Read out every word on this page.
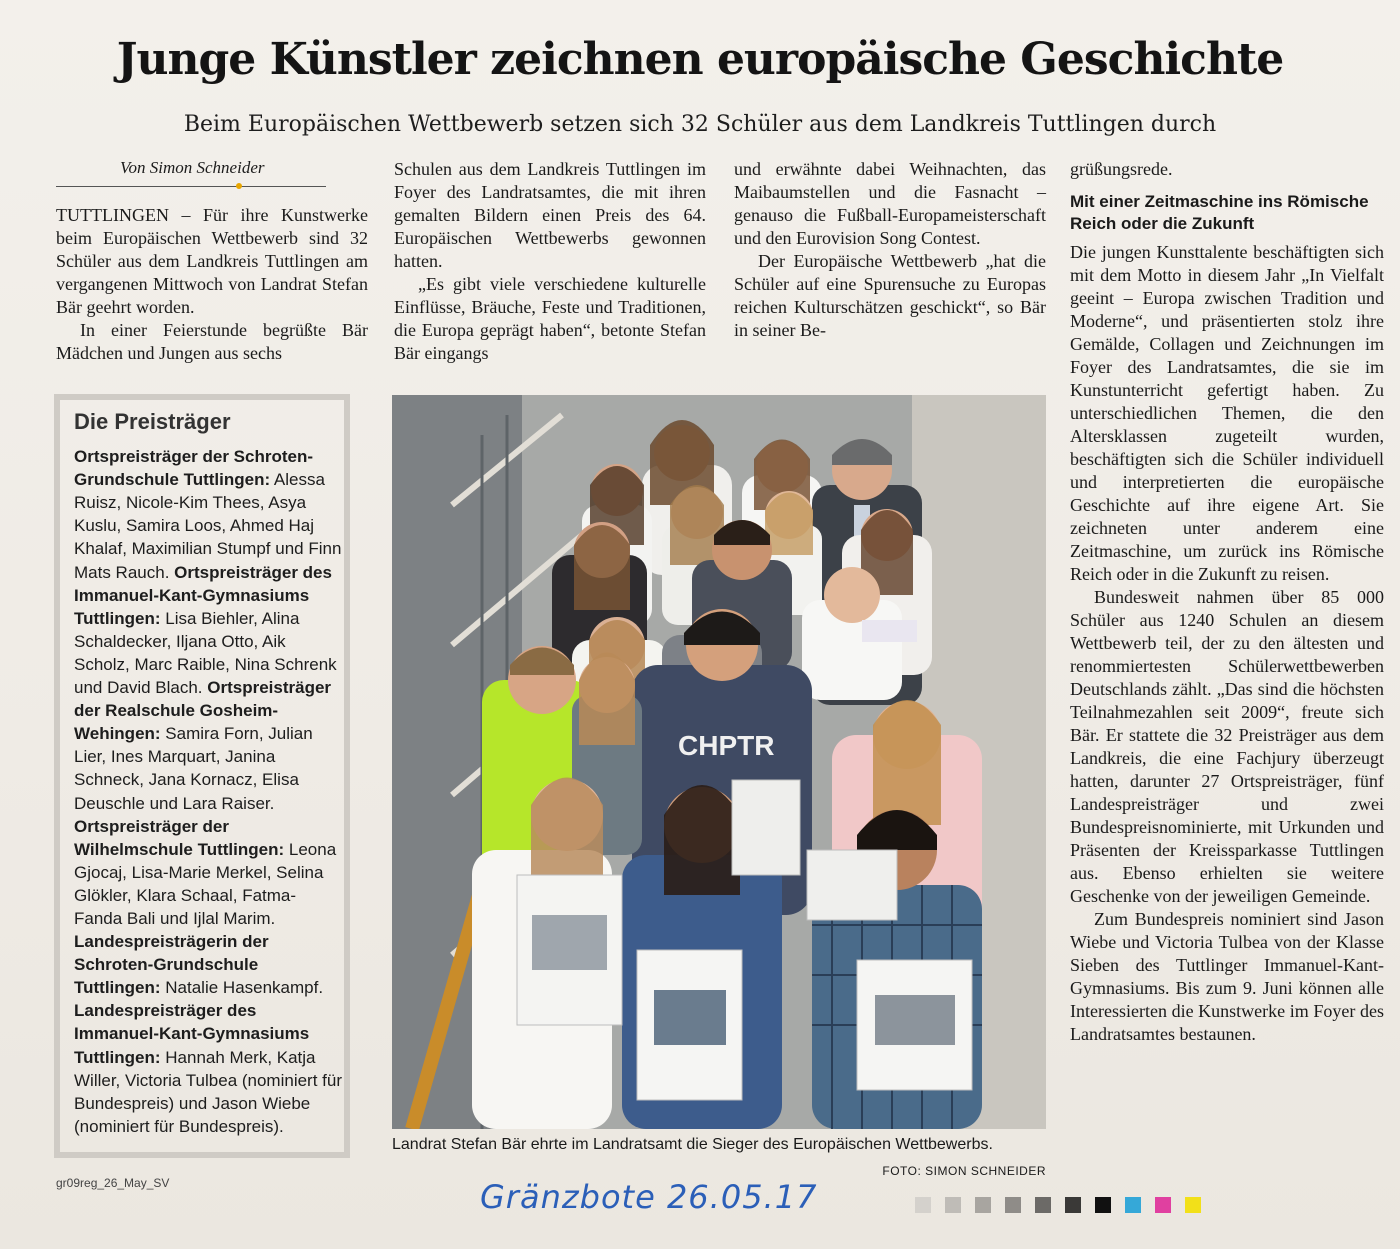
Junge Künstler zeichnen europäische Geschichte
Beim Europäischen Wettbewerb setzen sich 32 Schüler aus dem Landkreis Tuttlingen durch
Von Simon Schneider

TUTTLINGEN – Für ihre Kunstwerke beim Europäischen Wettbewerb sind 32 Schüler aus dem Landkreis Tuttlingen am vergangenen Mittwoch von Landrat Stefan Bär geehrt worden.

In einer Feierstunde begrüßte Bär Mädchen und Jungen aus sechs

Schulen aus dem Landkreis Tuttlingen im Foyer des Landratsamtes, die mit ihren gemalten Bildern einen Preis des 64. Europäischen Wettbewerbs gewonnen hatten.

„Es gibt viele verschiedene kulturelle Einflüsse, Bräuche, Feste und Traditionen, die Europa geprägt haben“, betonte Stefan Bär eingangs

und erwähnte dabei Weihnachten, das Maibaumstellen und die Fasnacht – genauso die Fußball-Europameisterschaft und den Eurovision Song Contest.

Der Europäische Wettbewerb „hat die Schüler auf eine Spurensuche zu Europas reichen Kulturschätzen geschickt“, so Bär in seiner Be-

grüßungsrede.

Mit einer Zeitmaschine ins Römische Reich oder die Zukunft

Die jungen Kunsttalente beschäftigten sich mit dem Motto in diesem Jahr „In Vielfalt geeint – Europa zwischen Tradition und Moderne“, und präsentierten stolz ihre Gemälde, Collagen und Zeichnungen im Foyer des Landratsamtes, die sie im Kunstunterricht gefertigt haben. Zu unterschiedlichen Themen, die den Altersklassen zugeteilt wurden, beschäftigten sich die Schüler individuell und interpretierten die europäische Geschichte auf ihre eigene Art. Sie zeichneten unter anderem eine Zeitmaschine, um zurück ins Römische Reich oder in die Zukunft zu reisen.

Bundesweit nahmen über 85 000 Schüler aus 1240 Schulen an diesem Wettbewerb teil, der zu den ältesten und renommiertesten Schülerwettbewerben Deutschlands zählt. „Das sind die höchsten Teilnahmezahlen seit 2009“, freute sich Bär. Er stattete die 32 Preisträger aus dem Landkreis, die eine Fachjury überzeugt hatten, darunter 27 Ortspreisträger, fünf Landespreisträger und zwei Bundespreisnominierte, mit Urkunden und Präsenten der Kreissparkasse Tuttlingen aus. Ebenso erhielten sie weitere Geschenke von der jeweiligen Gemeinde.

Zum Bundespreis nominiert sind Jason Wiebe und Victoria Tulbea von der Klasse Sieben des Tuttlinger Immanuel-Kant-Gymnasiums. Bis zum 9. Juni können alle Interessierten die Kunstwerke im Foyer des Landratsamtes bestaunen.

Die Preisträger
Ortspreisträger der Schroten-Grundschule Tuttlingen: Alessa Ruisz, Nicole-Kim Thees, Asya Kuslu, Samira Loos, Ahmed Haj Khalaf, Maximilian Stumpf und Finn Mats Rauch. Ortspreisträger des Immanuel-Kant-Gymnasiums Tuttlingen: Lisa Biehler, Alina Schaldecker, Iljana Otto, Aik Scholz, Marc Raible, Nina Schrenk und David Blach. Ortspreisträger der Realschule Gosheim-Wehingen: Samira Forn, Julian Lier, Ines Marquart, Janina Schneck, Jana Kornacz, Elisa Deuschle und Lara Raiser. Ortspreisträger der Wilhelmschule Tuttlingen: Leona Gjocaj, Lisa-Marie Merkel, Selina Glökler, Klara Schaal, Fatma-Fanda Bali und Ijlal Marim. Landespreisträgerin der Schroten-Grundschule Tuttlingen: Natalie Hasenkampf. Landespreisträger des Immanuel-Kant-Gymnasiums Tuttlingen: Hannah Merk, Katja Willer, Victoria Tulbea (nominiert für Bundespreis) und Jason Wiebe (nominiert für Bundespreis).
CHPTR
Landrat Stefan Bär ehrte im Landratsamt die Sieger des Europäischen Wettbewerbs.
FOTO: SIMON SCHNEIDER
gr09reg_26_May_SV	Gränzbote 26.05.17
